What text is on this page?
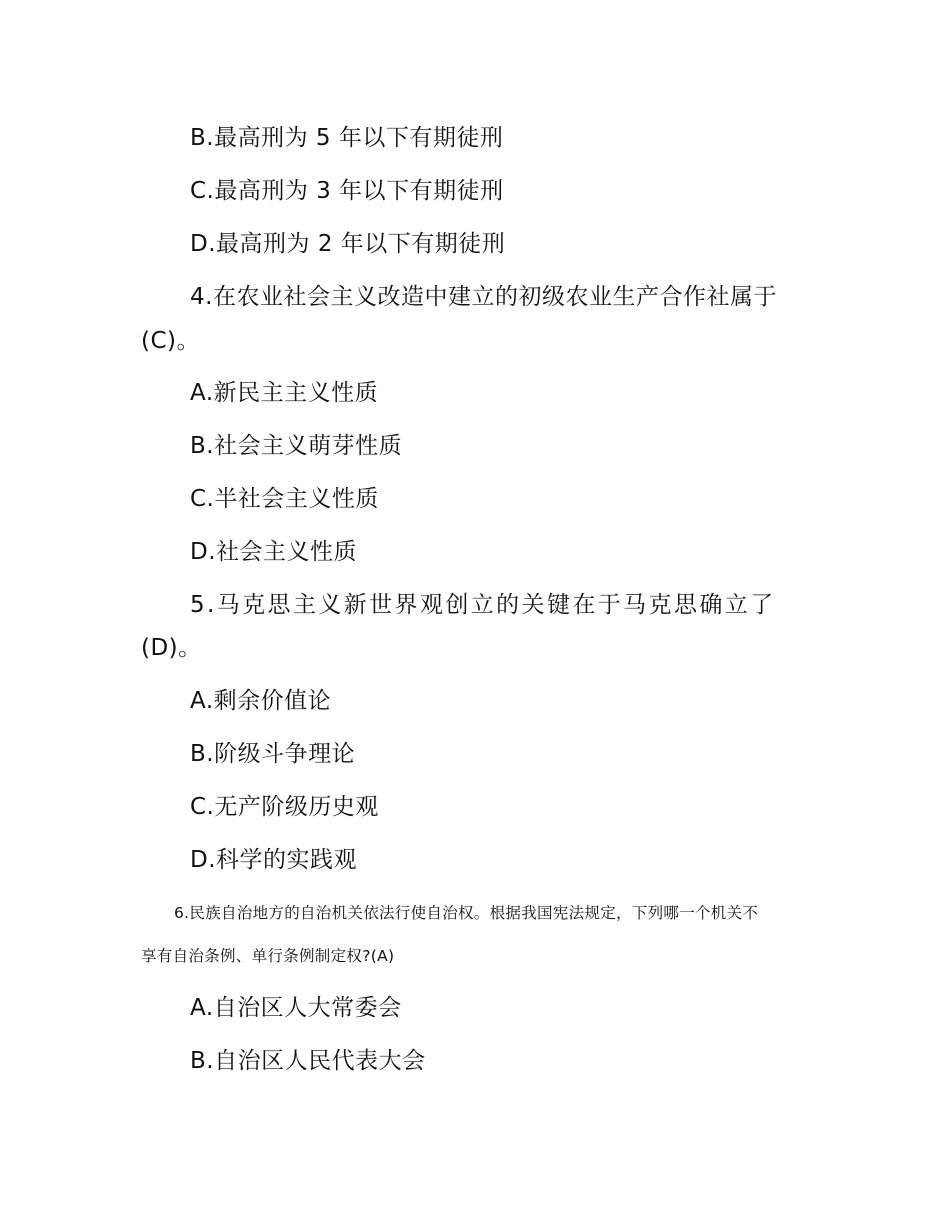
B.最高刑为 5 年以下有期徒刑
C.最高刑为 3 年以下有期徒刑
D.最高刑为 2 年以下有期徒刑
4.在农业社会主义改造中建立的初级农业生产合作社属于
(C)。
A.新民主主义性质
B.社会主义萌芽性质
C.半社会主义性质
D.社会主义性质
5.马克思主义新世界观创立的关键在于马克思确立了
(D)。
A.剩余价值论
B.阶级斗争理论
C.无产阶级历史观
D.科学的实践观
6.民族自治地方的自治机关依法行使自治权。根据我国宪法规定，下列哪一个机关不
享有自治条例、单行条例制定权?(A)
A.自治区人大常委会
B.自治区人民代表大会
